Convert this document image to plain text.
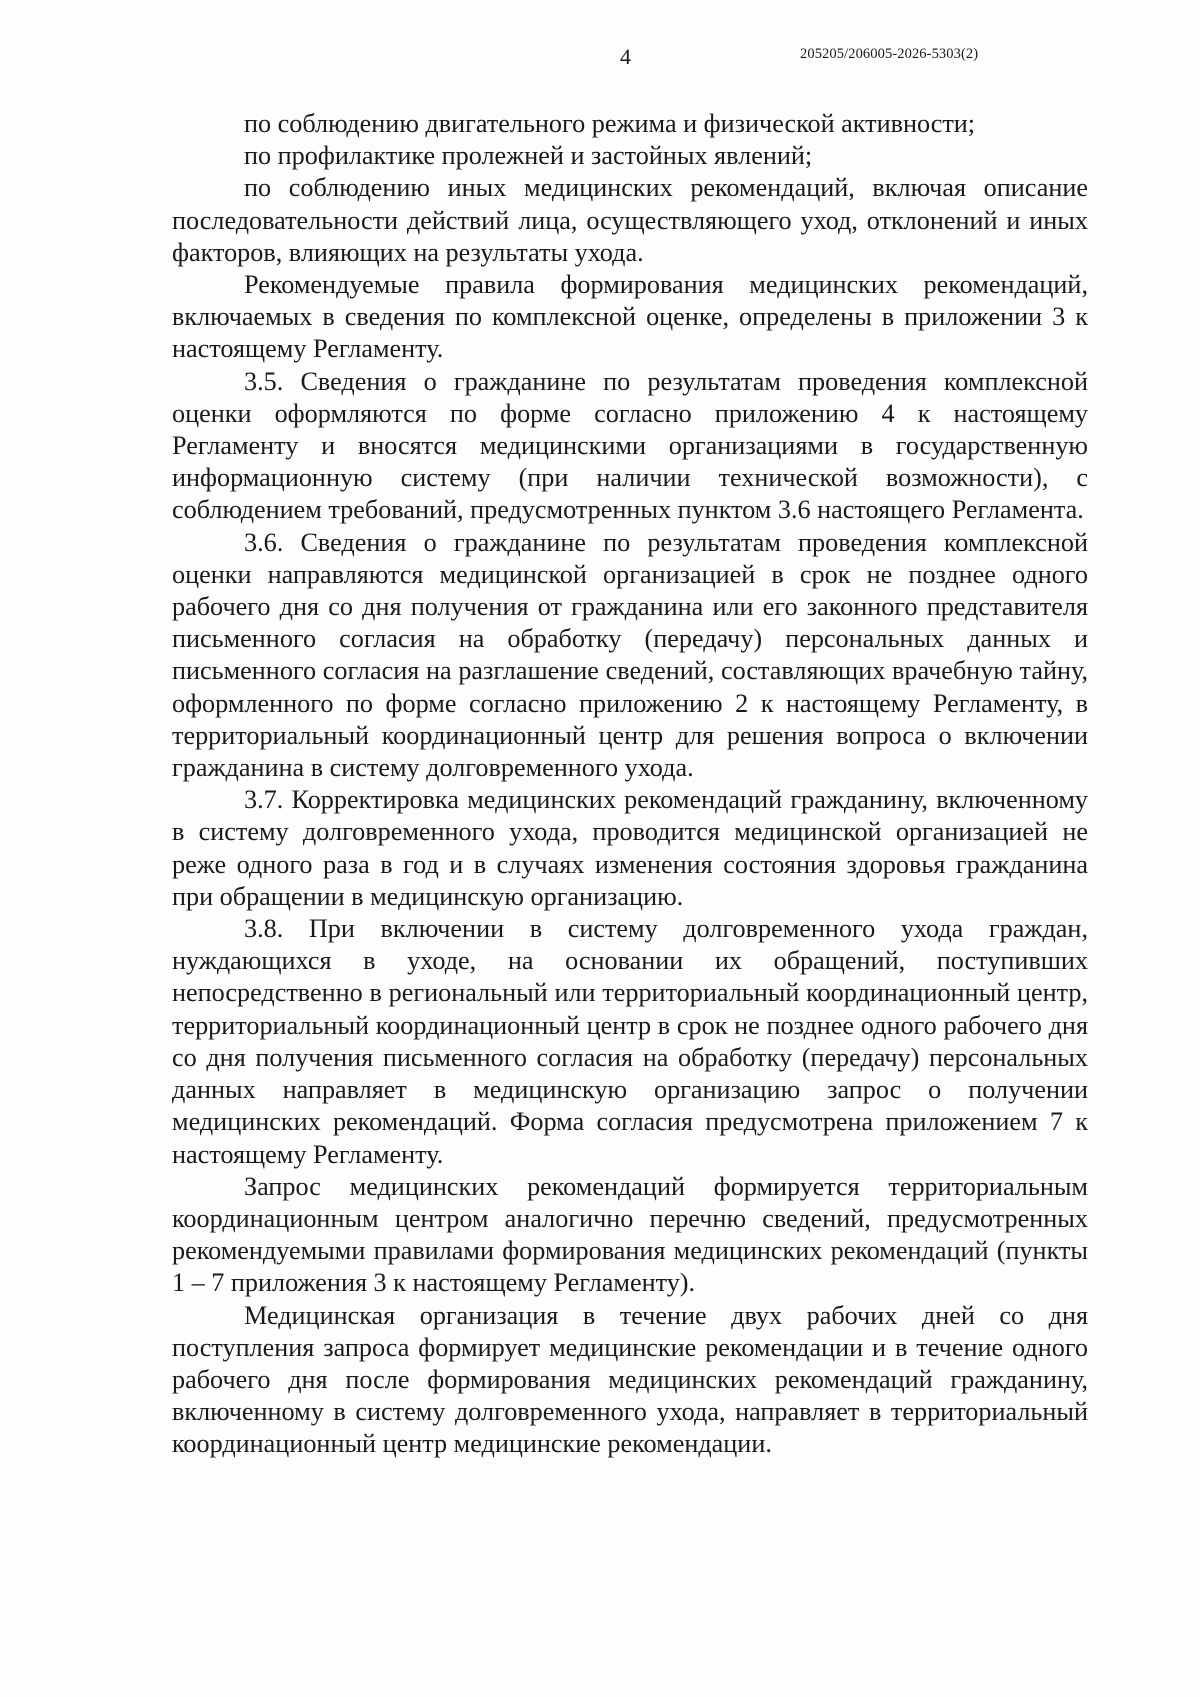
4	205205/206005-2026-5303(2)

по соблюдению двигательного режима и физической активности;

по профилактике пролежней и застойных явлений;

по соблюдению иных медицинских рекомендаций, включая описание последовательности действий лица, осуществляющего уход, отклонений и иных факторов, влияющих на результаты ухода.

Рекомендуемые правила формирования медицинских рекомендаций, включаемых в сведения по комплексной оценке, определены в приложении 3 к настоящему Регламенту.

3.5. Сведения о гражданине по результатам проведения комплексной оценки оформляются по форме согласно приложению 4 к настоящему Регламенту и вносятся медицинскими организациями в государственную информационную систему (при наличии технической возможности), с соблюдением требований, предусмотренных пунктом 3.6 настоящего Регламента.

3.6. Сведения о гражданине по результатам проведения комплексной оценки направляются медицинской организацией в срок не позднее одного рабочего дня со дня получения от гражданина или его законного представителя письменного согласия на обработку (передачу) персональных данных и письменного согласия на разглашение сведений, составляющих врачебную тайну, оформленного по форме согласно приложению 2 к настоящему Регламенту, в территориальный координационный центр для решения вопроса о включении гражданина в систему долговременного ухода.

3.7. Корректировка медицинских рекомендаций гражданину, включенному в систему долговременного ухода, проводится медицинской организацией не реже одного раза в год и в случаях изменения состояния здоровья гражданина при обращении в медицинскую организацию.

3.8. При включении в систему долговременного ухода граждан, нуждающихся в уходе, на основании их обращений, поступивших непосредственно в региональный или территориальный координационный центр, территориальный координационный центр в срок не позднее одного рабочего дня со дня получения письменного согласия на обработку (передачу) персональных данных направляет в медицинскую организацию запрос о получении медицинских рекомендаций. Форма согласия предусмотрена приложением 7 к настоящему Регламенту.

Запрос медицинских рекомендаций формируется территориальным координационным центром аналогично перечню сведений, предусмотренных рекомендуемыми правилами формирования медицинских рекомендаций (пункты 1 – 7 приложения 3 к настоящему Регламенту).

Медицинская организация в течение двух рабочих дней со дня поступления запроса формирует медицинские рекомендации и в течение одного рабочего дня после формирования медицинских рекомендаций гражданину, включенному в систему долговременного ухода, направляет в территориальный координационный центр медицинские рекомендации.
